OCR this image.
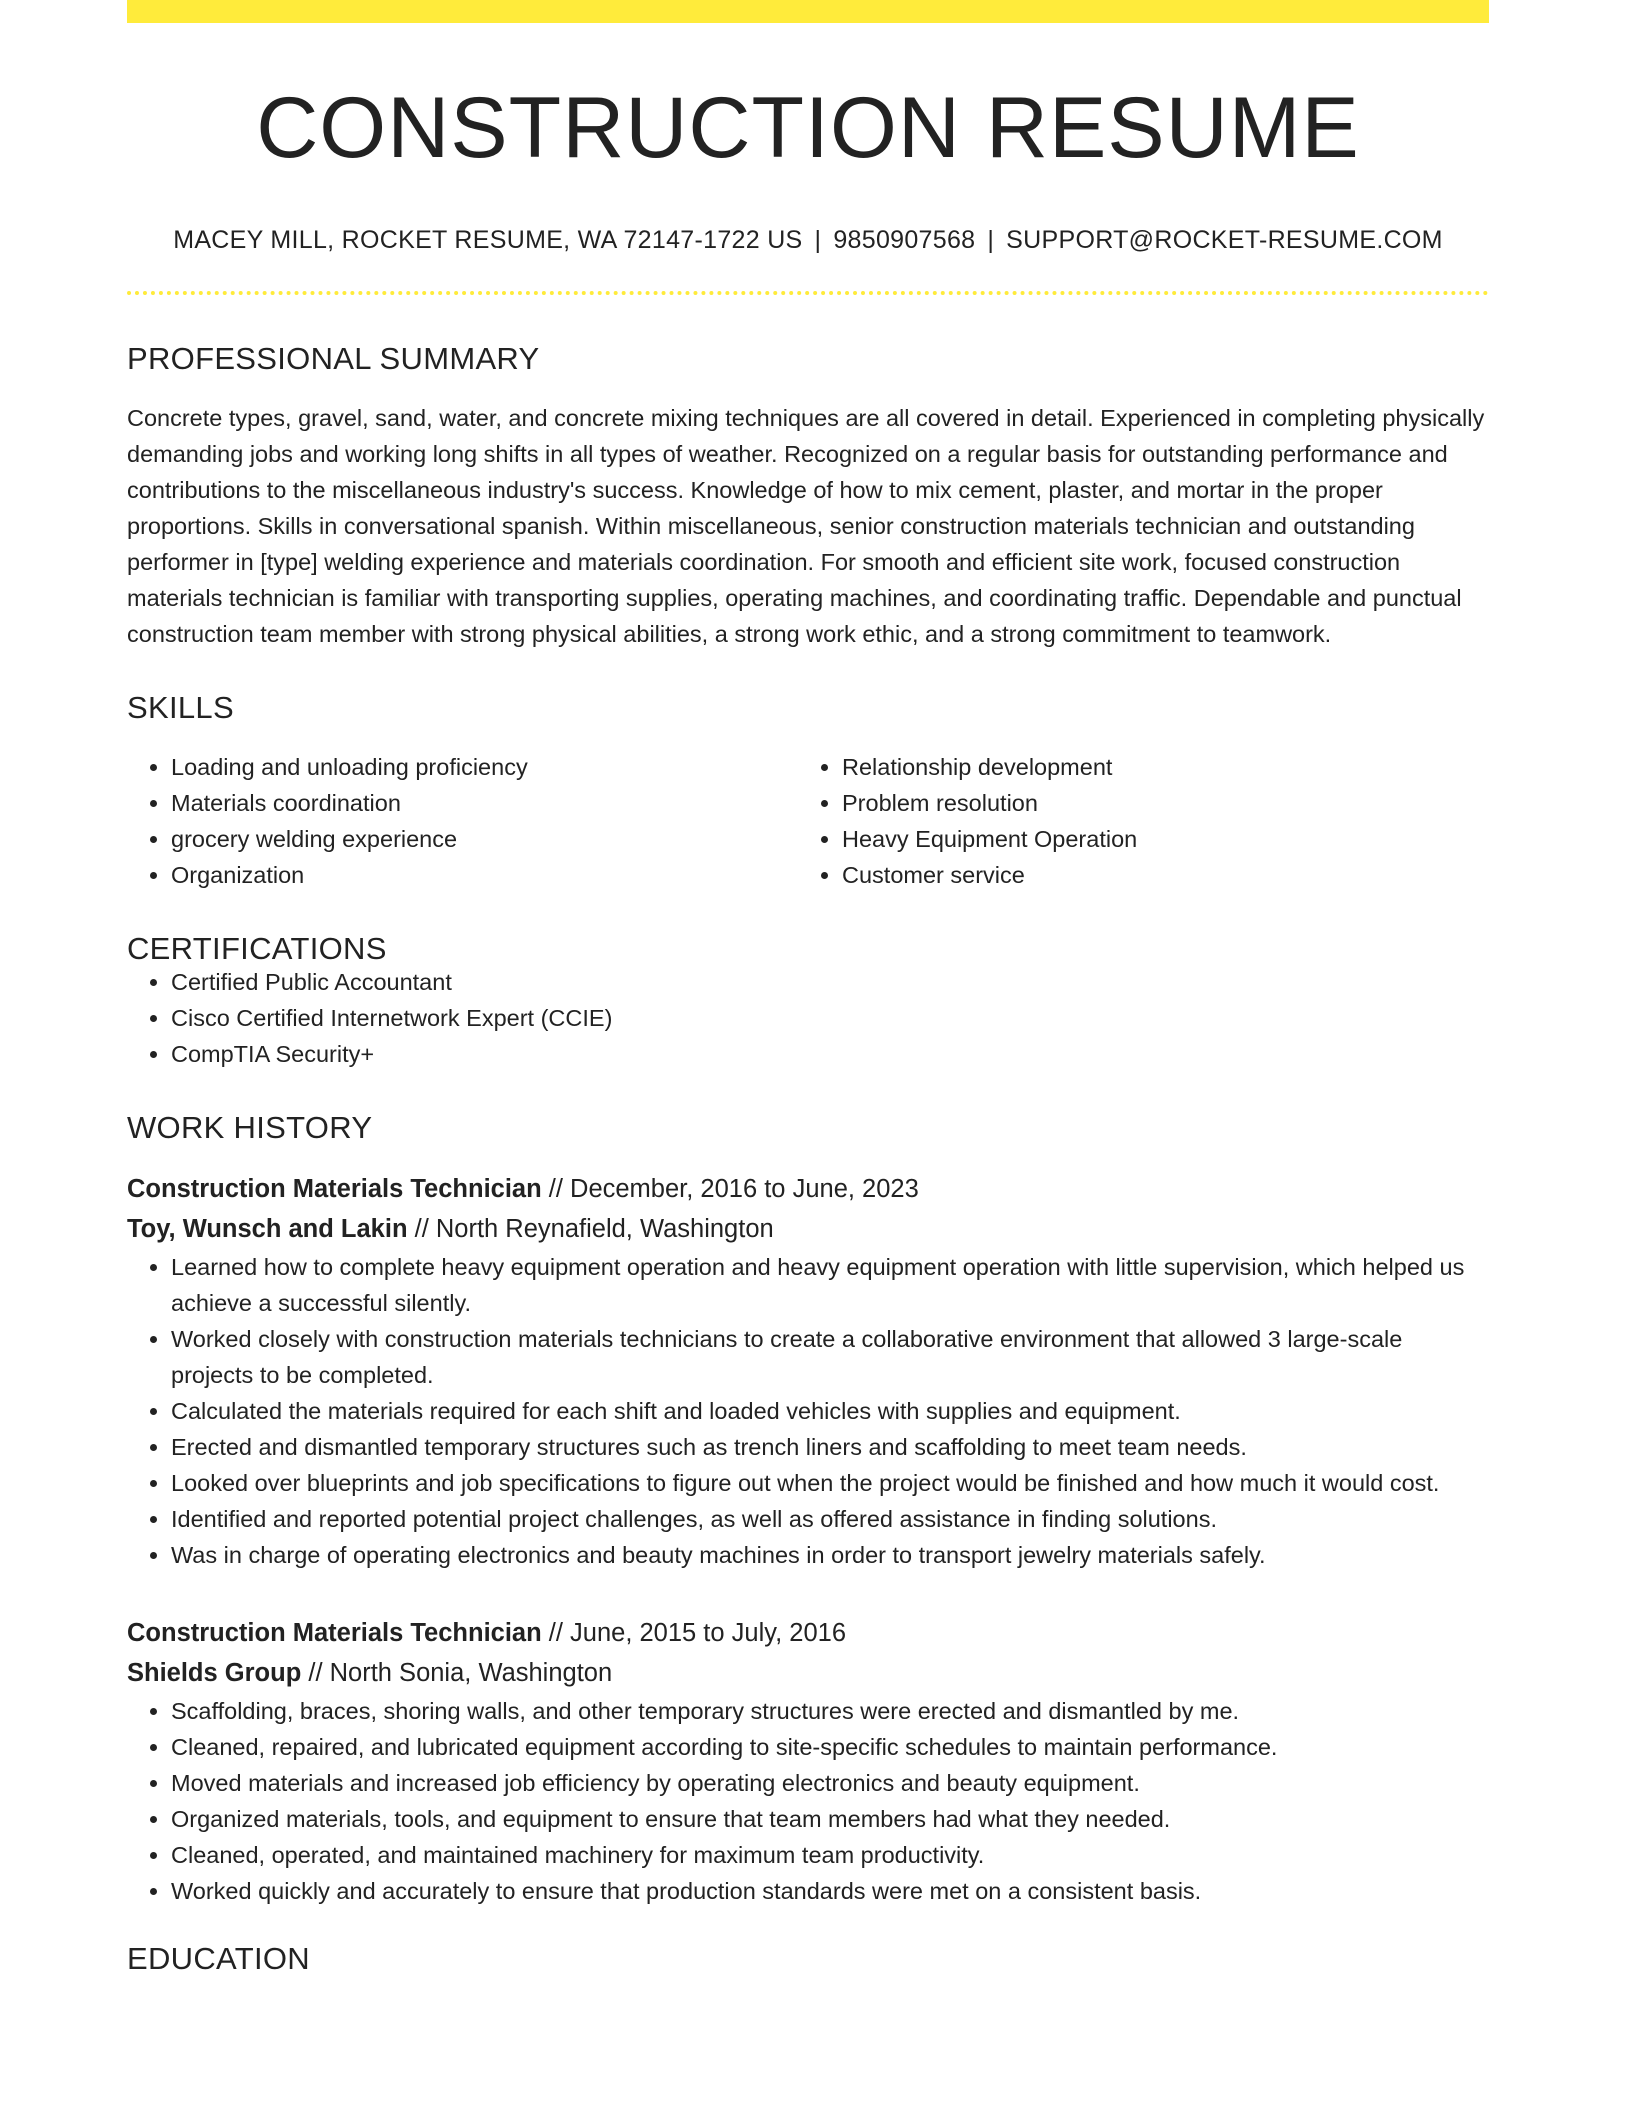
CONSTRUCTION RESUME
MACEY MILL, ROCKET RESUME, WA 72147-1722 US | 9850907568 | SUPPORT@ROCKET-RESUME.COM
PROFESSIONAL SUMMARY

Concrete types, gravel, sand, water, and concrete mixing techniques are all covered in detail. Experienced in completing physically demanding jobs and working long shifts in all types of weather. Recognized on a regular basis for outstanding performance and contributions to the miscellaneous industry's success. Knowledge of how to mix cement, plaster, and mortar in the proper proportions. Skills in conversational spanish. Within miscellaneous, senior construction materials technician and outstanding performer in [type] welding experience and materials coordination. For smooth and efficient site work, focused construction materials technician is familiar with transporting supplies, operating machines, and coordinating traffic. Dependable and punctual construction team member with strong physical abilities, a strong work ethic, and a strong commitment to teamwork.

SKILLS
• Loading and unloading proficiency
• Materials coordination
• grocery welding experience
• Organization
• Relationship development
• Problem resolution
• Heavy Equipment Operation
• Customer service
CERTIFICATIONS
• Certified Public Accountant
• Cisco Certified Internetwork Expert (CCIE)
• CompTIA Security+
WORK HISTORY
Construction Materials Technician // December, 2016 to June, 2023
Toy, Wunsch and Lakin // North Reynafield, Washington
• Learned how to complete heavy equipment operation and heavy equipment operation with little supervision, which helped us achieve a successful silently.
• Worked closely with construction materials technicians to create a collaborative environment that allowed 3 large-scale projects to be completed.
• Calculated the materials required for each shift and loaded vehicles with supplies and equipment.
• Erected and dismantled temporary structures such as trench liners and scaffolding to meet team needs.
• Looked over blueprints and job specifications to figure out when the project would be finished and how much it would cost.
• Identified and reported potential project challenges, as well as offered assistance in finding solutions.
• Was in charge of operating electronics and beauty machines in order to transport jewelry materials safely.
Construction Materials Technician // June, 2015 to July, 2016
Shields Group // North Sonia, Washington
• Scaffolding, braces, shoring walls, and other temporary structures were erected and dismantled by me.
• Cleaned, repaired, and lubricated equipment according to site-specific schedules to maintain performance.
• Moved materials and increased job efficiency by operating electronics and beauty equipment.
• Organized materials, tools, and equipment to ensure that team members had what they needed.
• Cleaned, operated, and maintained machinery for maximum team productivity.
• Worked quickly and accurately to ensure that production standards were met on a consistent basis.
EDUCATION
